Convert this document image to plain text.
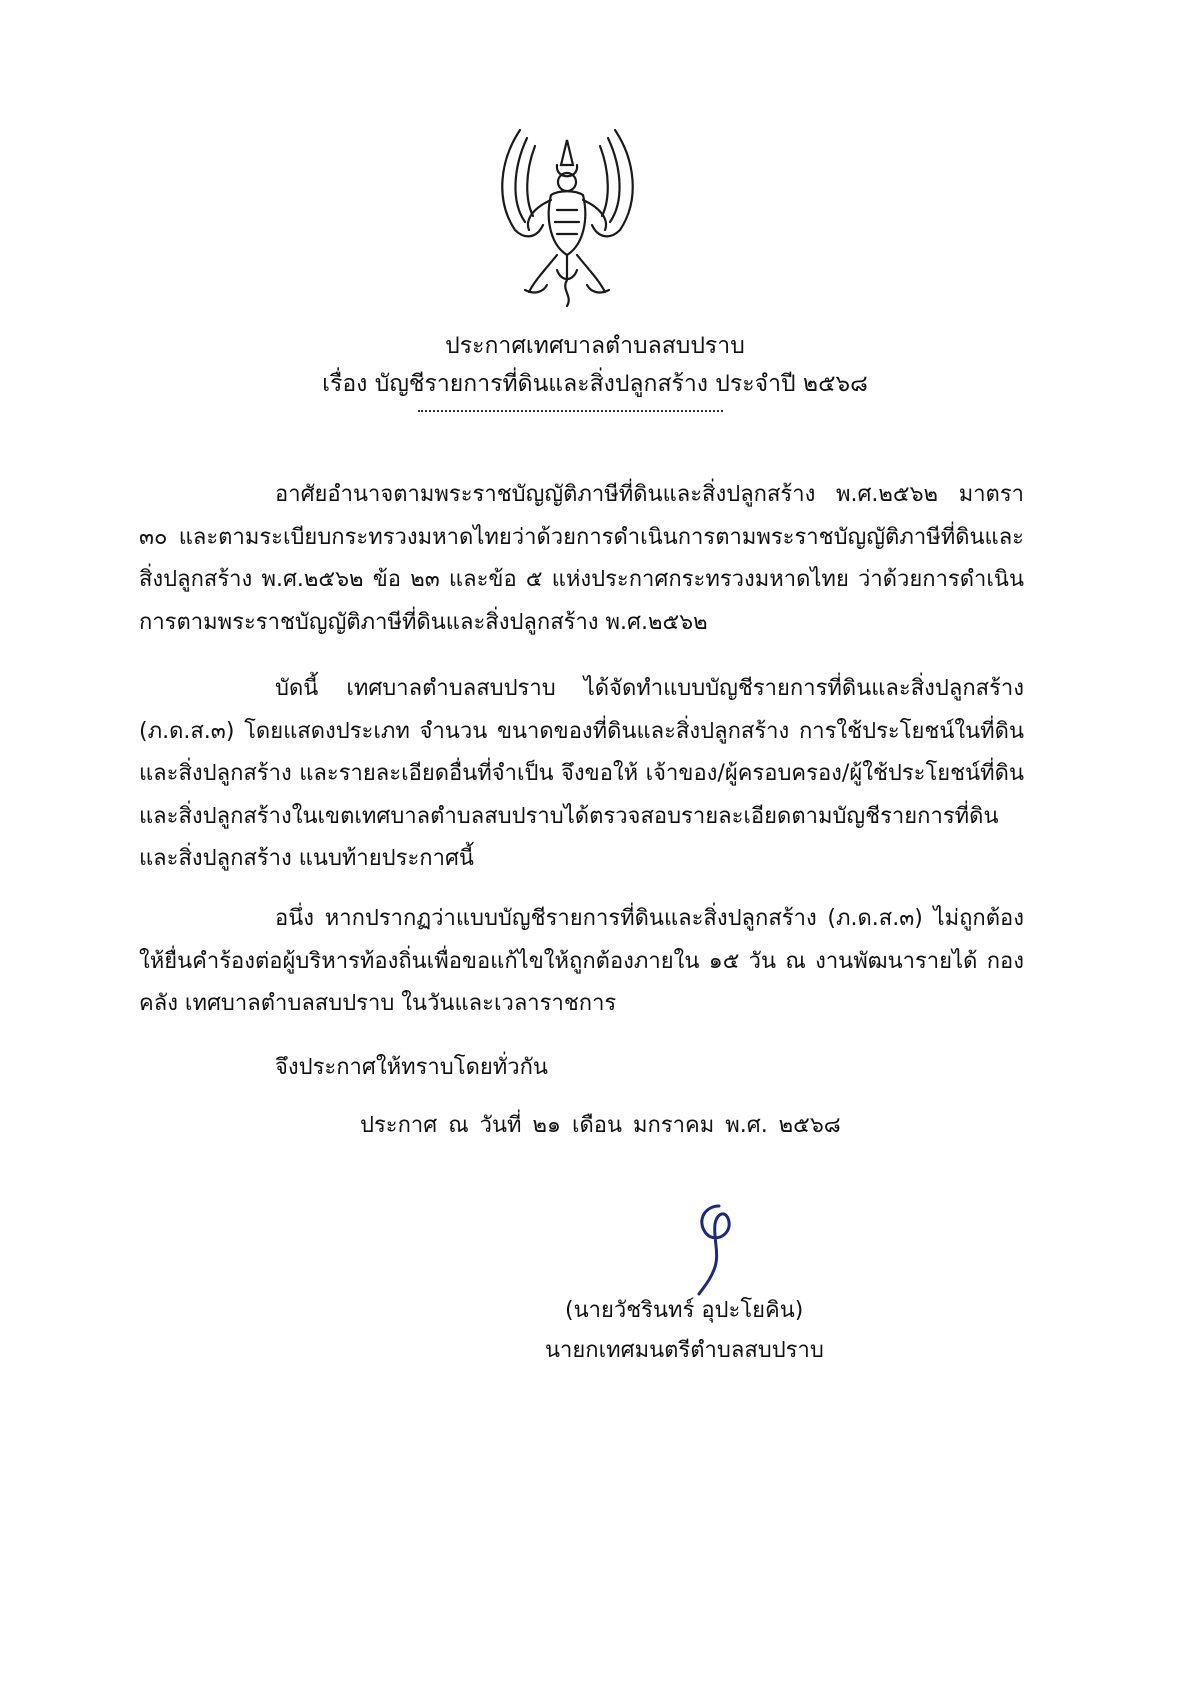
ประกาศเทศบาลตำบลสบปราบ
เรื่อง บัญชีรายการที่ดินและสิ่งปลูกสร้าง ประจำปี ๒๕๖๘
อาศัยอำนาจตามพระราชบัญญัติภาษีที่ดินและสิ่งปลูกสร้าง พ.ศ.๒๕๖๒ มาตรา ๓๐ และตามระเบียบกระทรวงมหาดไทยว่าด้วยการดำเนินการตามพระราชบัญญัติภาษีที่ดินและสิ่งปลูกสร้าง พ.ศ.๒๕๖๒ ข้อ ๒๓ และข้อ ๕ แห่งประกาศกระทรวงมหาดไทย ว่าด้วยการดำเนินการตามพระราชบัญญัติภาษีที่ดินและสิ่งปลูกสร้าง พ.ศ.๒๕๖๒
บัดนี้ เทศบาลตำบลสบปราบ ได้จัดทำแบบบัญชีรายการที่ดินและสิ่งปลูกสร้าง (ภ.ด.ส.๓) โดยแสดงประเภท จำนวน ขนาดของที่ดินและสิ่งปลูกสร้าง การใช้ประโยชน์ในที่ดินและสิ่งปลูกสร้าง และรายละเอียดอื่นที่จำเป็น จึงขอให้ เจ้าของ/ผู้ครอบครอง/ผู้ใช้ประโยชน์ที่ดินและสิ่งปลูกสร้างในเขตเทศบาลตำบลสบปราบได้ตรวจสอบรายละเอียดตามบัญชีรายการที่ดินและสิ่งปลูกสร้าง แนบท้ายประกาศนี้
อนึ่ง หากปรากฏว่าแบบบัญชีรายการที่ดินและสิ่งปลูกสร้าง (ภ.ด.ส.๓) ไม่ถูกต้อง ให้ยื่นคำร้องต่อผู้บริหารท้องถิ่นเพื่อขอแก้ไขให้ถูกต้องภายใน ๑๕ วัน ณ งานพัฒนารายได้ กองคลัง เทศบาลตำบลสบปราบ ในวันและเวลาราชการ
จึงประกาศให้ทราบโดยทั่วกัน
ประกาศ ณ วันที่ ๒๑ เดือน มกราคม พ.ศ. ๒๕๖๘
(นายวัชรินทร์ อุปะโยคิน)
นายกเทศมนตรีตำบลสบปราบ
